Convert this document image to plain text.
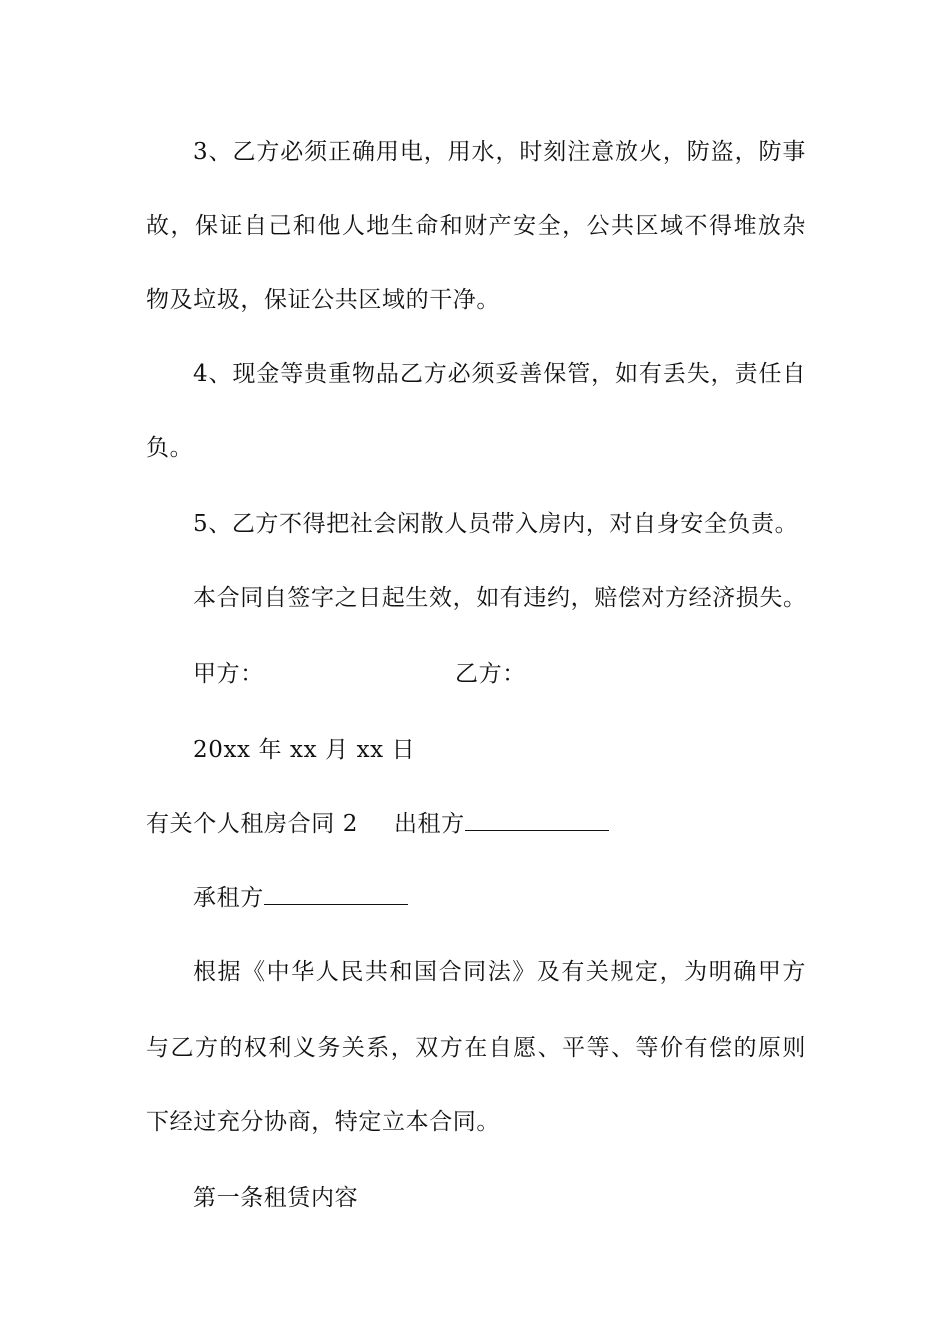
3、乙方必须正确用电，用水，时刻注意放火，防盗，防事
故，保证自己和他人地生命和财产安全，公共区域不得堆放杂
物及垃圾，保证公共区域的干净。
4、现金等贵重物品乙方必须妥善保管，如有丢失，责任自
负。
5、乙方不得把社会闲散人员带入房内，对自身安全负责。
本合同自签字之日起生效，如有违约，赔偿对方经济损失。
甲方：	乙方：
20xx 年 xx 月 xx 日
有关个人租房合同 2 出租方
承租方
根据《中华人民共和国合同法》及有关规定，为明确甲方
与乙方的权利义务关系，双方在自愿、平等、等价有偿的原则
下经过充分协商，特定立本合同。
第一条租赁内容
